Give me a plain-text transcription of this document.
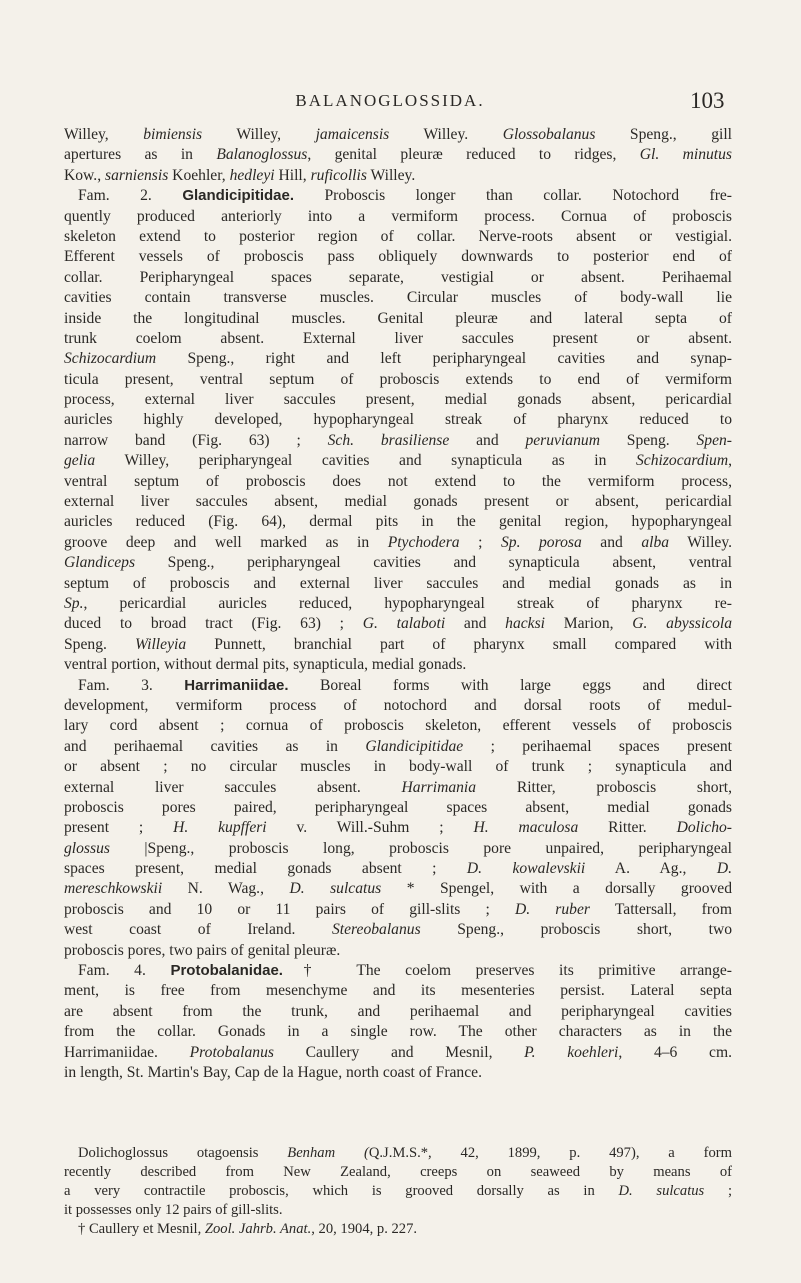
BALANOGLOSSIDA.	103
Willey, bimiensis Willey, jamaicensis Willey. Glossobalanus Speng., gill
apertures as in Balanoglossus, genital pleuræ reduced to ridges, Gl. minutus
Kow., sarniensis Koehler, hedleyi Hill, ruficollis Willey.
Fam. 2. Glandicipitidae. Proboscis longer than collar. Notochord fre-
quently produced anteriorly into a vermiform process. Cornua of proboscis
skeleton extend to posterior region of collar. Nerve-roots absent or vestigial.
Efferent vessels of proboscis pass obliquely downwards to posterior end of
collar. Peripharyngeal spaces separate, vestigial or absent. Perihaemal
cavities contain transverse muscles. Circular muscles of body-wall lie
inside the longitudinal muscles. Genital pleuræ and lateral septa of
trunk coelom absent. External liver saccules present or absent.
Schizocardium Speng., right and left peripharyngeal cavities and synap-
ticula present, ventral septum of proboscis extends to end of vermiform
process, external liver saccules present, medial gonads absent, pericardial
auricles highly developed, hypopharyngeal streak of pharynx reduced to
narrow band (Fig. 63) ; Sch. brasiliense and peruvianum Speng. Spen-
gelia Willey, peripharyngeal cavities and synapticula as in Schizocardium,
ventral septum of proboscis does not extend to the vermiform process,
external liver saccules absent, medial gonads present or absent, pericardial
auricles reduced (Fig. 64), dermal pits in the genital region, hypopharyngeal
groove deep and well marked as in Ptychodera ; Sp. porosa and alba Willey.
Glandiceps Speng., peripharyngeal cavities and synapticula absent, ventral
septum of proboscis and external liver saccules and medial gonads as in
Sp., pericardial auricles reduced, hypopharyngeal streak of pharynx re-
duced to broad tract (Fig. 63) ; G. talaboti and hacksi Marion, G. abyssicola
Speng. Willeyia Punnett, branchial part of pharynx small compared with
ventral portion, without dermal pits, synapticula, medial gonads.
Fam. 3. Harrimaniidae. Boreal forms with large eggs and direct
development, vermiform process of notochord and dorsal roots of medul-
lary cord absent ; cornua of proboscis skeleton, efferent vessels of proboscis
and perihaemal cavities as in Glandicipitidae ; perihaemal spaces present
or absent ; no circular muscles in body-wall of trunk ; synapticula and
external liver saccules absent. Harrimania Ritter, proboscis short,
proboscis pores paired, peripharyngeal spaces absent, medial gonads
present ; H. kupfferi v. Will.-Suhm ; H. maculosa Ritter. Dolicho-
glossus |Speng., proboscis long, proboscis pore unpaired, peripharyngeal
spaces present, medial gonads absent ; D. kowalevskii A. Ag., D.
mereschkowskii N. Wag., D. sulcatus * Spengel, with a dorsally grooved
proboscis and 10 or 11 pairs of gill-slits ; D. ruber Tattersall, from
west coast of Ireland. Stereobalanus Speng., proboscis short, two
proboscis pores, two pairs of genital pleuræ.
Fam. 4. Protobalanidae.† The coelom preserves its primitive arrange-
ment, is free from mesenchyme and its mesenteries persist. Lateral septa
are absent from the trunk, and perihaemal and peripharyngeal cavities
from the collar. Gonads in a single row. The other characters as in the
Harrimaniidae. Protobalanus Caullery and Mesnil, P. koehleri, 4–6 cm.
in length, St. Martin's Bay, Cap de la Hague, north coast of France.
Dolichoglossus otagoensis Benham (Q.J.M.S.*, 42, 1899, p. 497), a form
recently described from New Zealand, creeps on seaweed by means of
a very contractile proboscis, which is grooved dorsally as in D. sulcatus ;
it possesses only 12 pairs of gill-slits.
† Caullery et Mesnil, Zool. Jahrb. Anat., 20, 1904, p. 227.
